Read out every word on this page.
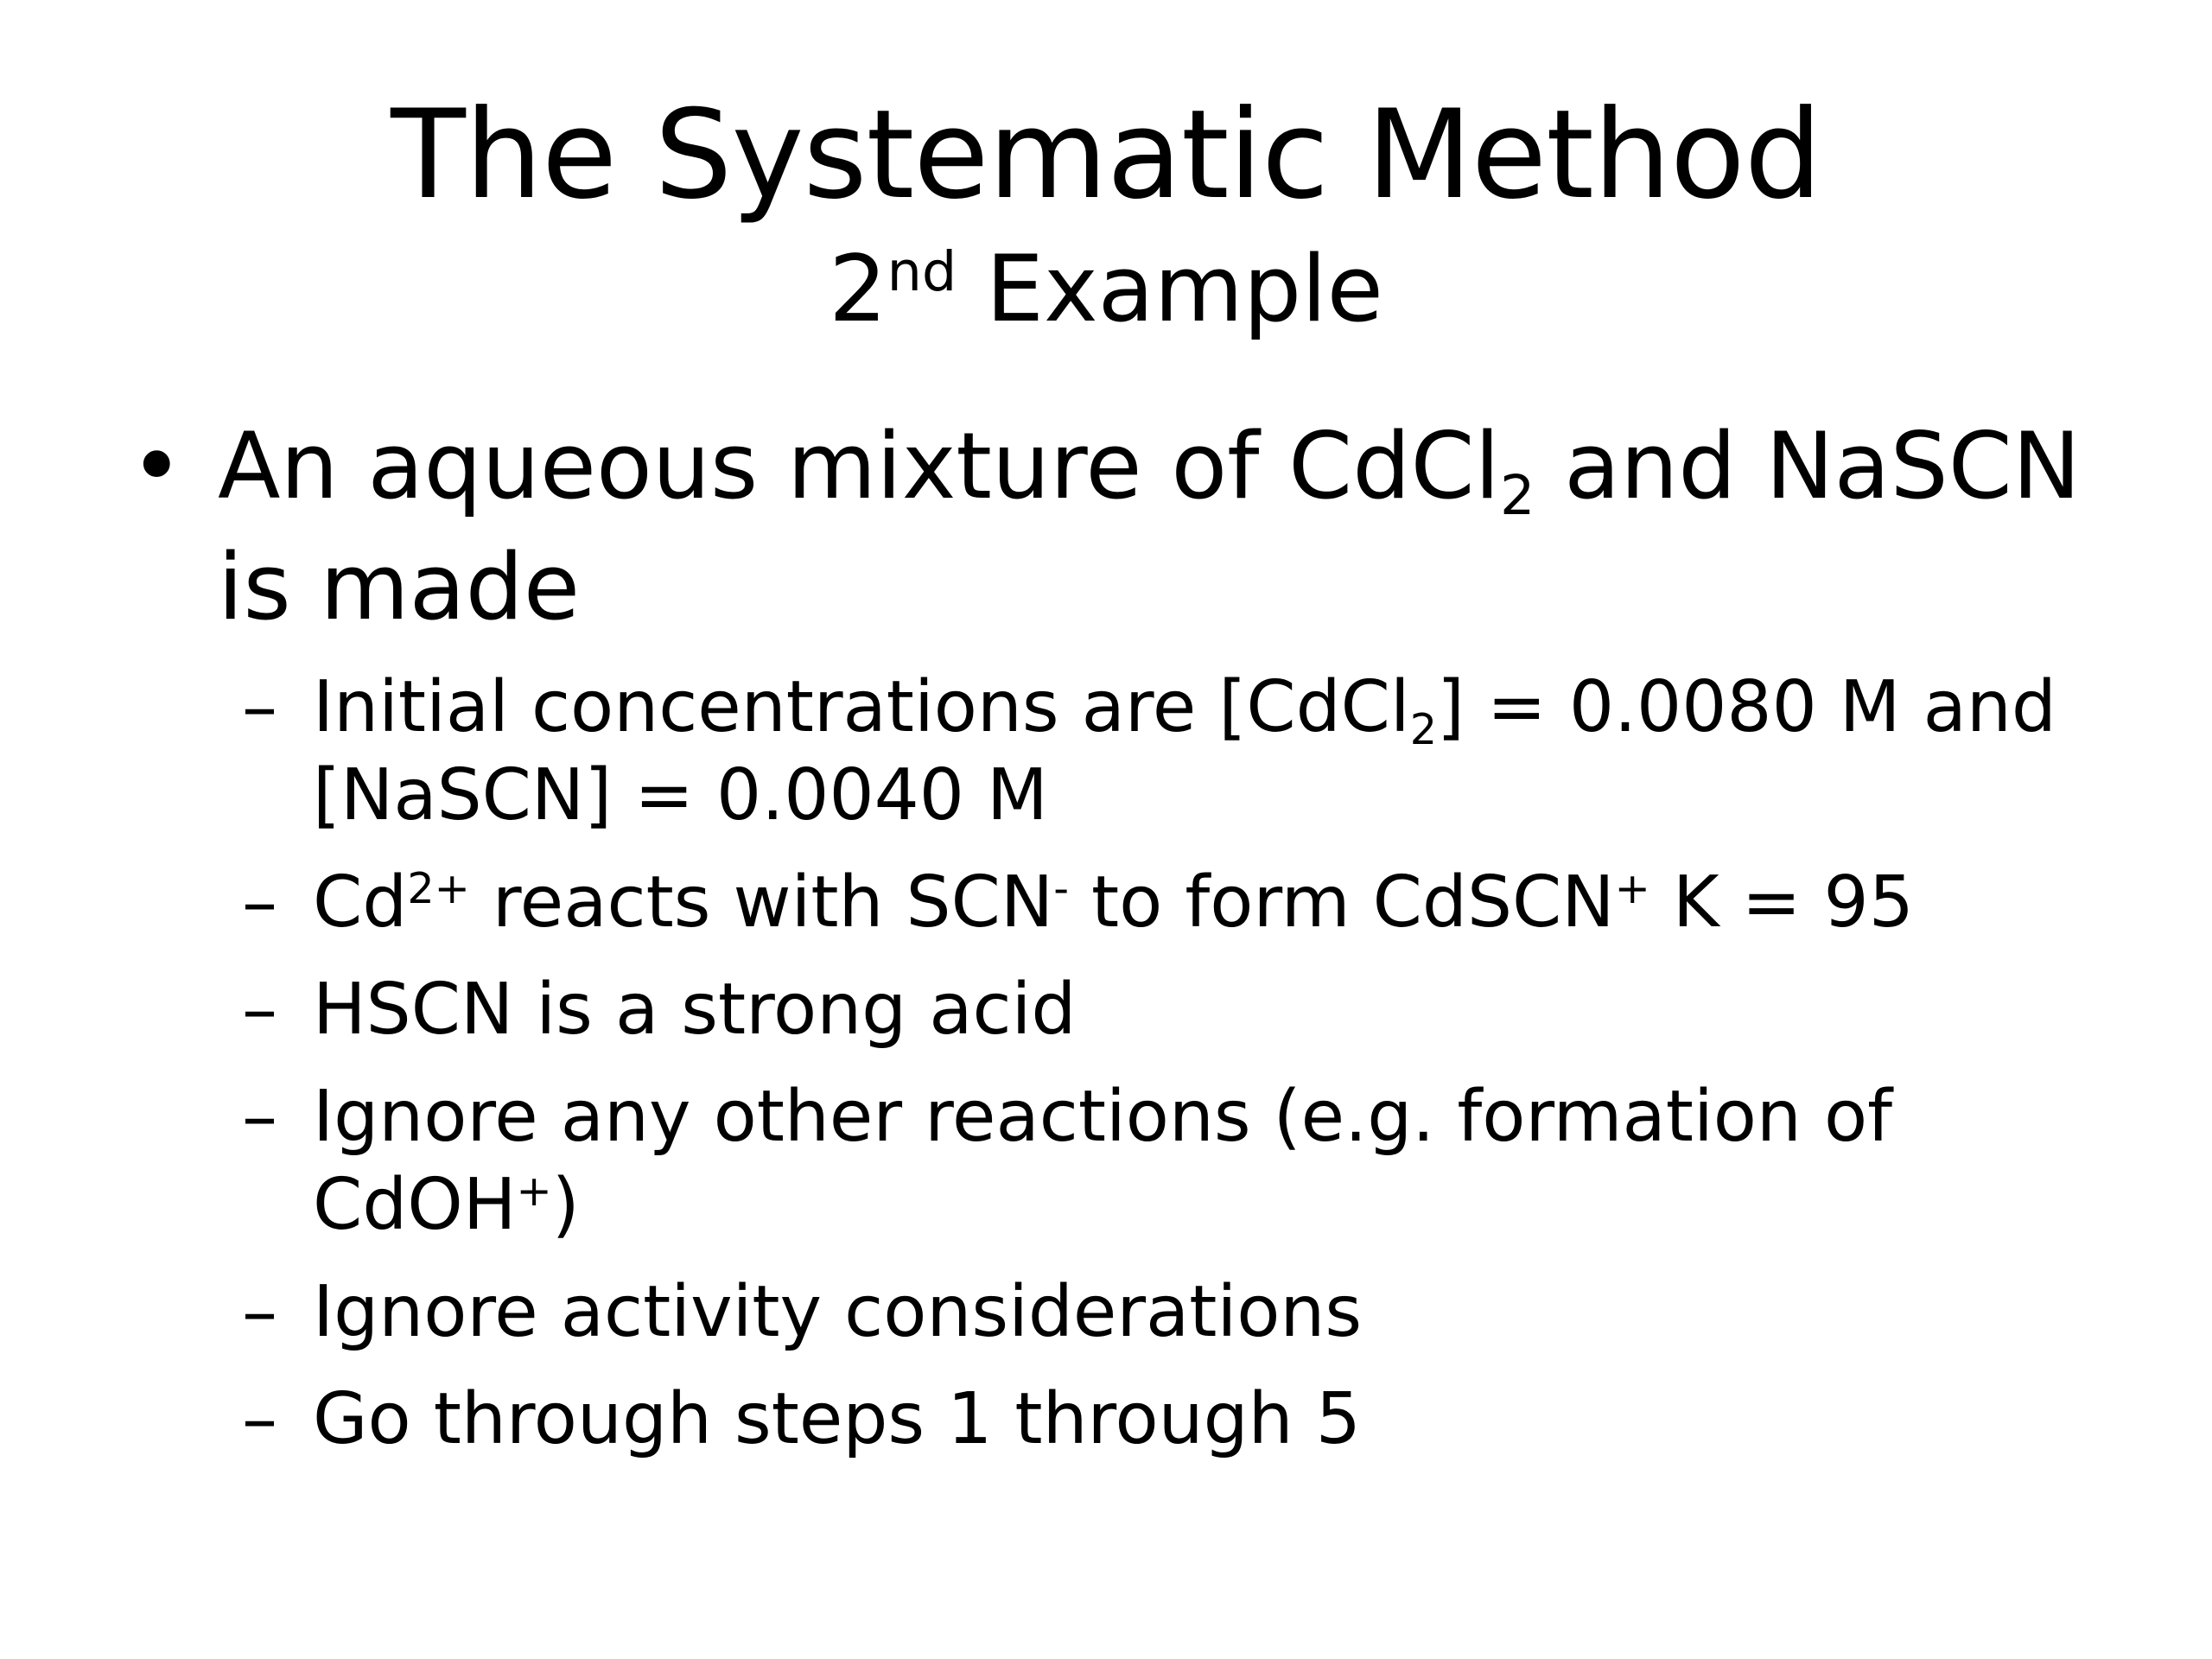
The Systematic Method
2nd Example
• An aqueous mixture of CdCl$_2$ and NaSCN is made
– Initial concentrations are [CdCl$_2$] = 0.0080 M and [NaSCN] = 0.0040 M
– $Cd^{2+}$ reacts with SCN- to form CdSCN+ K = 95
– HSCN is a strong acid
– Ignore any other reactions (e.g. formation of CdOH+)
– Ignore activity considerations
– Go through steps 1 through 5
